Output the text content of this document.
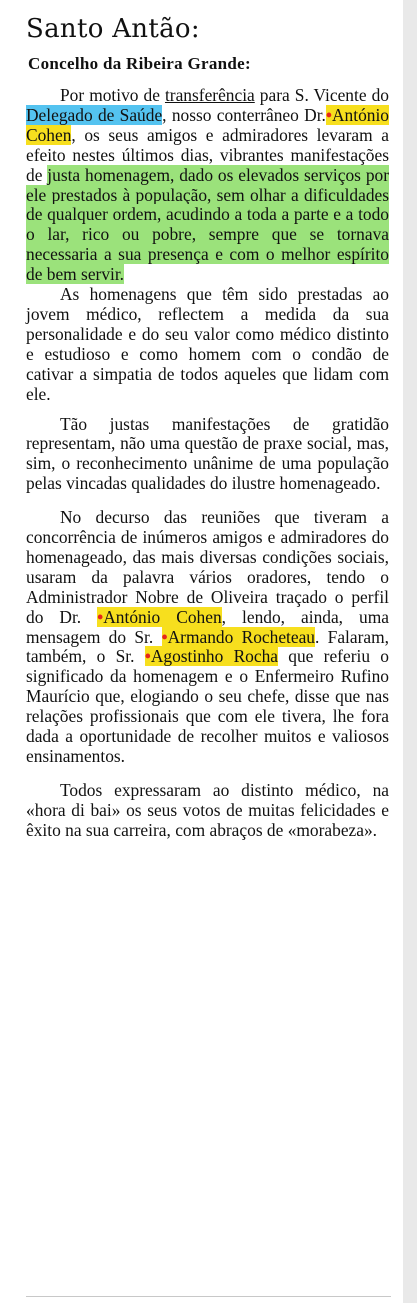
Santo Antão:
Concelho da Ribeira Grande:

Por motivo de transferência para S. Vicente do Delegado de Saúde, nosso conterrâneo Dr.•António Cohen, os seus amigos e admiradores levaram a efeito nestes últimos dias, vibrantes manifestações de justa homenagem, dado os elevados serviços por ele prestados à população, sem olhar a dificuldades de qualquer ordem, acudindo a toda a parte e a todo o lar, rico ou pobre, sempre que se tornava necessaria a sua presença e com o melhor espírito de bem servir.

As homenagens que têm sido prestadas ao jovem médico, reflectem a medida da sua personalidade e do seu valor como médico distinto e estudioso e como homem com o condão de cativar a simpatia de todos aqueles que lidam com ele.

Tão justas manifestações de gratidão representam, não uma questão de praxe social, mas, sim, o reconhecimento unânime de uma população pelas vincadas qualidades do ilustre homenageado.

No decurso das reuniões que tiveram a concorrência de inúmeros amigos e admiradores do homenageado, das mais diversas condições sociais, usaram da palavra vários oradores, tendo o Administrador Nobre de Oliveira traçado o perfil do Dr. •António Cohen, lendo, ainda, uma mensagem do Sr. •Armando Rocheteau. Falaram, também, o Sr. •Agostinho Rocha que referiu o significado da homenagem e o Enfermeiro Rufino Maurício que, elogiando o seu chefe, disse que nas relações profissionais que com ele tivera, lhe fora dada a oportunidade de recolher muitos e valiosos ensinamentos.

Todos expressaram ao distinto médico, na «hora di bai» os seus votos de muitas felicidades e êxito na sua carreira, com abraços de «morabeza».
